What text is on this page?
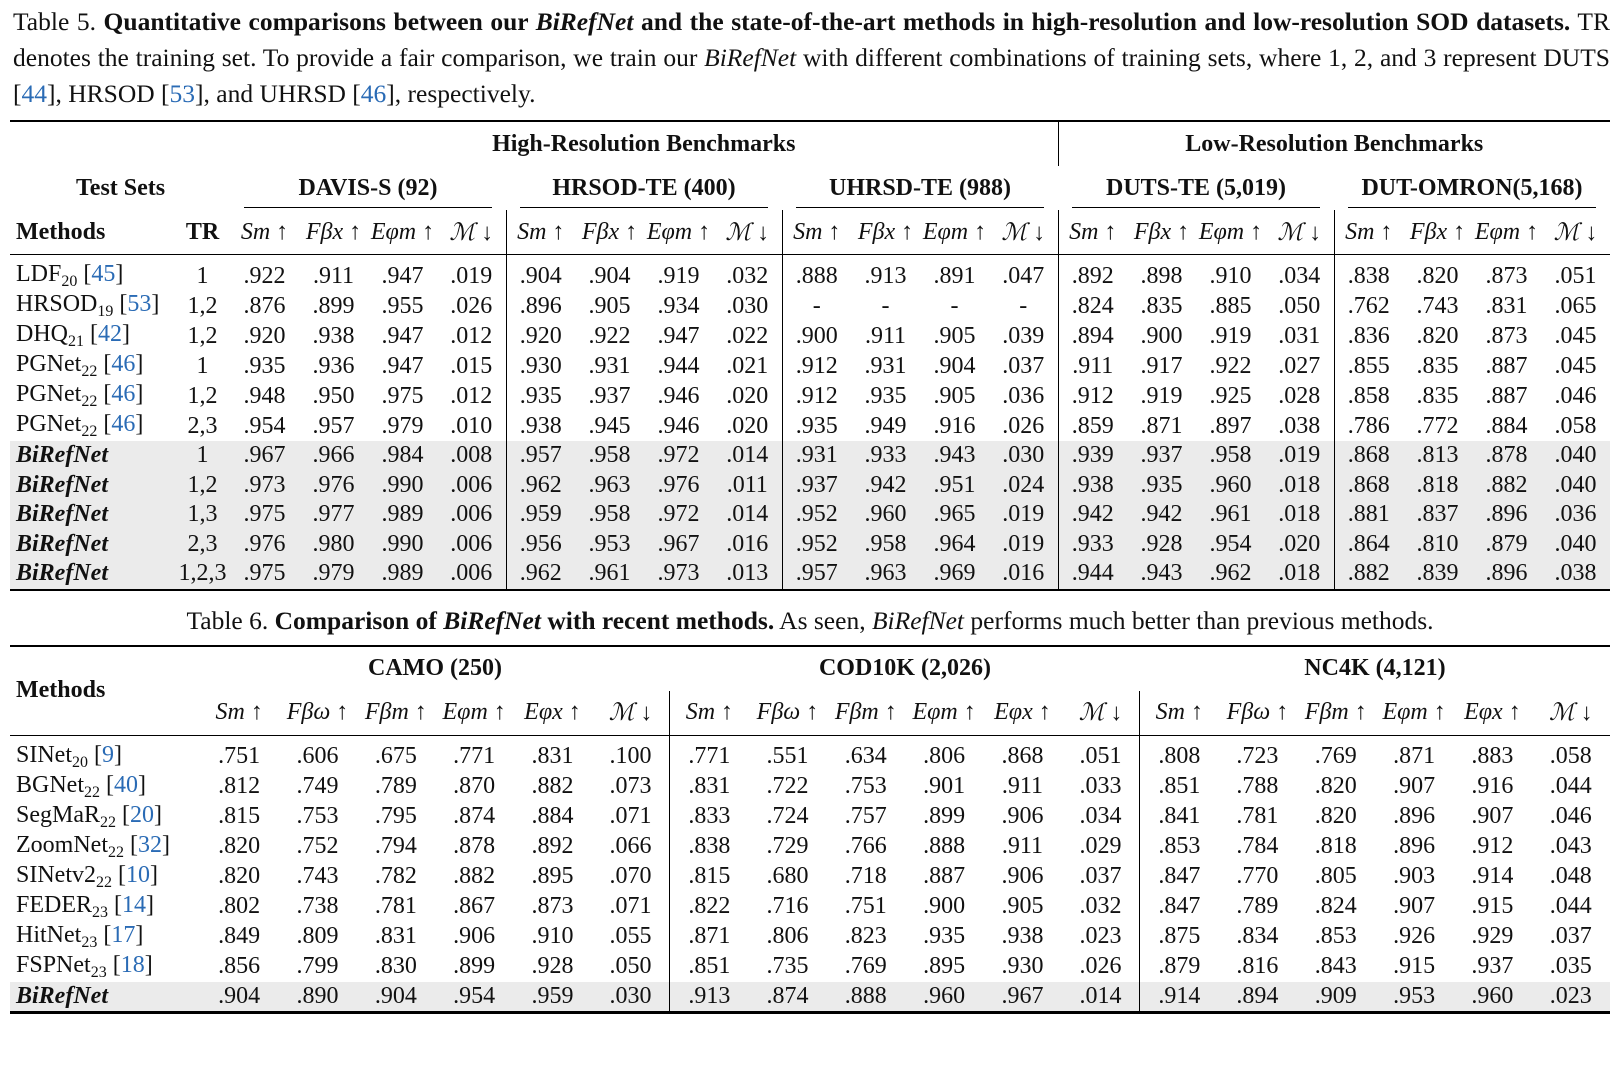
Table 5. Quantitative comparisons between our BiRefNet and the state-of-the-art methods in high-resolution and low-resolution SOD datasets. TR denotes the training set. To provide a fair comparison, we train our BiRefNet with different combinations of training sets, where 1, 2, and 3 represent DUTS [44], HRSOD [53], and UHRSD [46], respectively.
		High-Resolution Benchmarks												Low-Resolution Benchmarks							
Test Sets		DAVIS-S (92)				HRSOD-TE (400)				UHRSD-TE (988)				DUTS-TE (5,019)				DUT-OMRON(5,168)			
Methods	TR	Sm ↑	Fβx ↑	Eφm ↑	ℳ ↓	Sm ↑	Fβx ↑	Eφm ↑	ℳ ↓	Sm ↑	Fβx ↑	Eφm ↑	ℳ ↓	Sm ↑	Fβx ↑	Eφm ↑	ℳ ↓	Sm ↑	Fβx ↑	Eφm ↑	ℳ ↓
$LDF_{20}$ [45]	1	.922	.911	.947	.019	.904	.904	.919	.032	.888	.913	.891	.047	.892	.898	.910	.034	.838	.820	.873	.051
$HRSOD_{19}$ [53]	1,2	.876	.899	.955	.026	.896	.905	.934	.030	-	-	-	-	.824	.835	.885	.050	.762	.743	.831	.065
$DHQ_{21}$ [42]	1,2	.920	.938	.947	.012	.920	.922	.947	.022	.900	.911	.905	.039	.894	.900	.919	.031	.836	.820	.873	.045
PGNet$_{22}$ [46]	1	.935	.936	.947	.015	.930	.931	.944	.021	.912	.931	.904	.037	.911	.917	.922	.027	.855	.835	.887	.045
PGNet$_{22}$ [46]	1,2	.948	.950	.975	.012	.935	.937	.946	.020	.912	.935	.905	.036	.912	.919	.925	.028	.858	.835	.887	.046
PGNet$_{22}$ [46]	2,3	.954	.957	.979	.010	.938	.945	.946	.020	.935	.949	.916	.026	.859	.871	.897	.038	.786	.772	.884	.058
BiRefNet	1	.967	.966	.984	.008	.957	.958	.972	.014	.931	.933	.943	.030	.939	.937	.958	.019	.868	.813	.878	.040
BiRefNet	1,2	.973	.976	.990	.006	.962	.963	.976	.011	.937	.942	.951	.024	.938	.935	.960	.018	.868	.818	.882	.040
BiRefNet	1,3	.975	.977	.989	.006	.959	.958	.972	.014	.952	.960	.965	.019	.942	.942	.961	.018	.881	.837	.896	.036
BiRefNet	2,3	.976	.980	.990	.006	.956	.953	.967	.016	.952	.958	.964	.019	.933	.928	.954	.020	.864	.810	.879	.040
BiRefNet	1,2,3	.975	.979	.989	.006	.962	.961	.973	.013	.957	.963	.969	.016	.944	.943	.962	.018	.882	.839	.896	.038
Table 6. Comparison of BiRefNet with recent methods. As seen, BiRefNet performs much better than previous methods.
Methods	CAMO (250)						COD10K (2,026)						NC4K (4,121)					
	Sm ↑	Fβω ↑	Fβm ↑	Eφm ↑	Eφx ↑	ℳ ↓	Sm ↑	Fβω ↑	Fβm ↑	Eφm ↑	Eφx ↑	ℳ ↓	Sm ↑	Fβω ↑	Fβm ↑	Eφm ↑	Eφx ↑	ℳ ↓
SINet$_{20}$ [9]	.751	.606	.675	.771	.831	.100	.771	.551	.634	.806	.868	.051	.808	.723	.769	.871	.883	.058
BGNet$_{22}$ [40]	.812	.749	.789	.870	.882	.073	.831	.722	.753	.901	.911	.033	.851	.788	.820	.907	.916	.044
SegMaR$_{22}$ [20]	.815	.753	.795	.874	.884	.071	.833	.724	.757	.899	.906	.034	.841	.781	.820	.896	.907	.046
ZoomNet$_{22}$ [32]	.820	.752	.794	.878	.892	.066	.838	.729	.766	.888	.911	.029	.853	.784	.818	.896	.912	.043
$SINetv2_{22}$ [10]	.820	.743	.782	.882	.895	.070	.815	.680	.718	.887	.906	.037	.847	.770	.805	.903	.914	.048
$FEDER_{23}$ [14]	.802	.738	.781	.867	.873	.071	.822	.716	.751	.900	.905	.032	.847	.789	.824	.907	.915	.044
HitNet$_{23}$ [17]	.849	.809	.831	.906	.910	.055	.871	.806	.823	.935	.938	.023	.875	.834	.853	.926	.929	.037
FSPNet$_{23}$ [18]	.856	.799	.830	.899	.928	.050	.851	.735	.769	.895	.930	.026	.879	.816	.843	.915	.937	.035
BiRefNet	.904	.890	.904	.954	.959	.030	.913	.874	.888	.960	.967	.014	.914	.894	.909	.953	.960	.023
